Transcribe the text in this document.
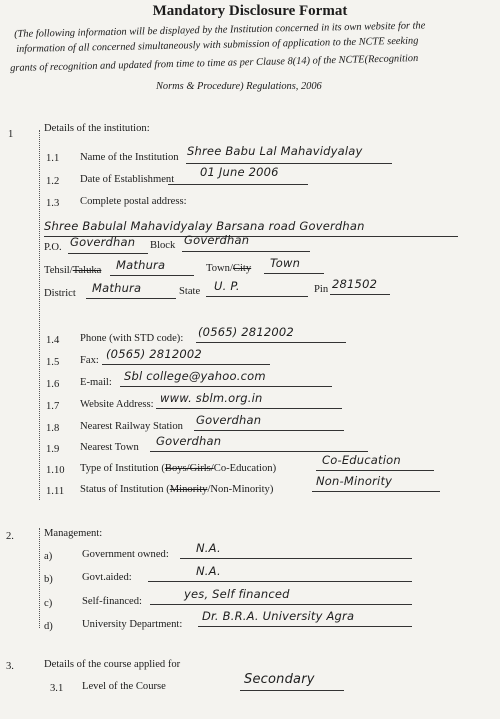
Mandatory Disclosure Format
(The following information will be displayed by the Institution concerned in its own website for the
information of all concerned simultaneously with submission of application to the NCTE seeking
grants of recognition and updated from time to time as per Clause 8(14) of the NCTE(Recognition
Norms & Procedure) Regulations, 2006
1
Details of the institution:
1.1 Name of the Institution Shree Babu Lal Mahavidyalay
1.2 Date of Establishment
01 June 2006
1.3 Complete postal address:
Shree Babulal Mahavidyalay Barsana road Goverdhan
P.O. Goverdhan Block Goverdhan
Tehsil/Taluka Mathura	Town/City Town
District Mathura	State U. P.	Pin 281502
1.4 Phone (with STD code): (0565) 2812002
1.5 Fax: (0565) 2812002
1.6 E-mail: Sbl college@yahoo.com
1.7 Website Address: www. sblm.org.in
1.8 Nearest Railway Station Goverdhan
1.9 Nearest Town Goverdhan
1.10 Type of Institution (Boys/Girls/Co-Education)
Co-Education
1.11 Status of Institution (Minority/Non-Minority)
Non-Minority
2.	Management:
a)	Government owned: N.A.
b)	Govt.aided:	N.A.
c)	Self-financed:
yes, Self financed
d)	University Department:
Dr. B.R.A. University Agra
3.	Details of the course applied for
3.1 Level of the Course	Secondary
